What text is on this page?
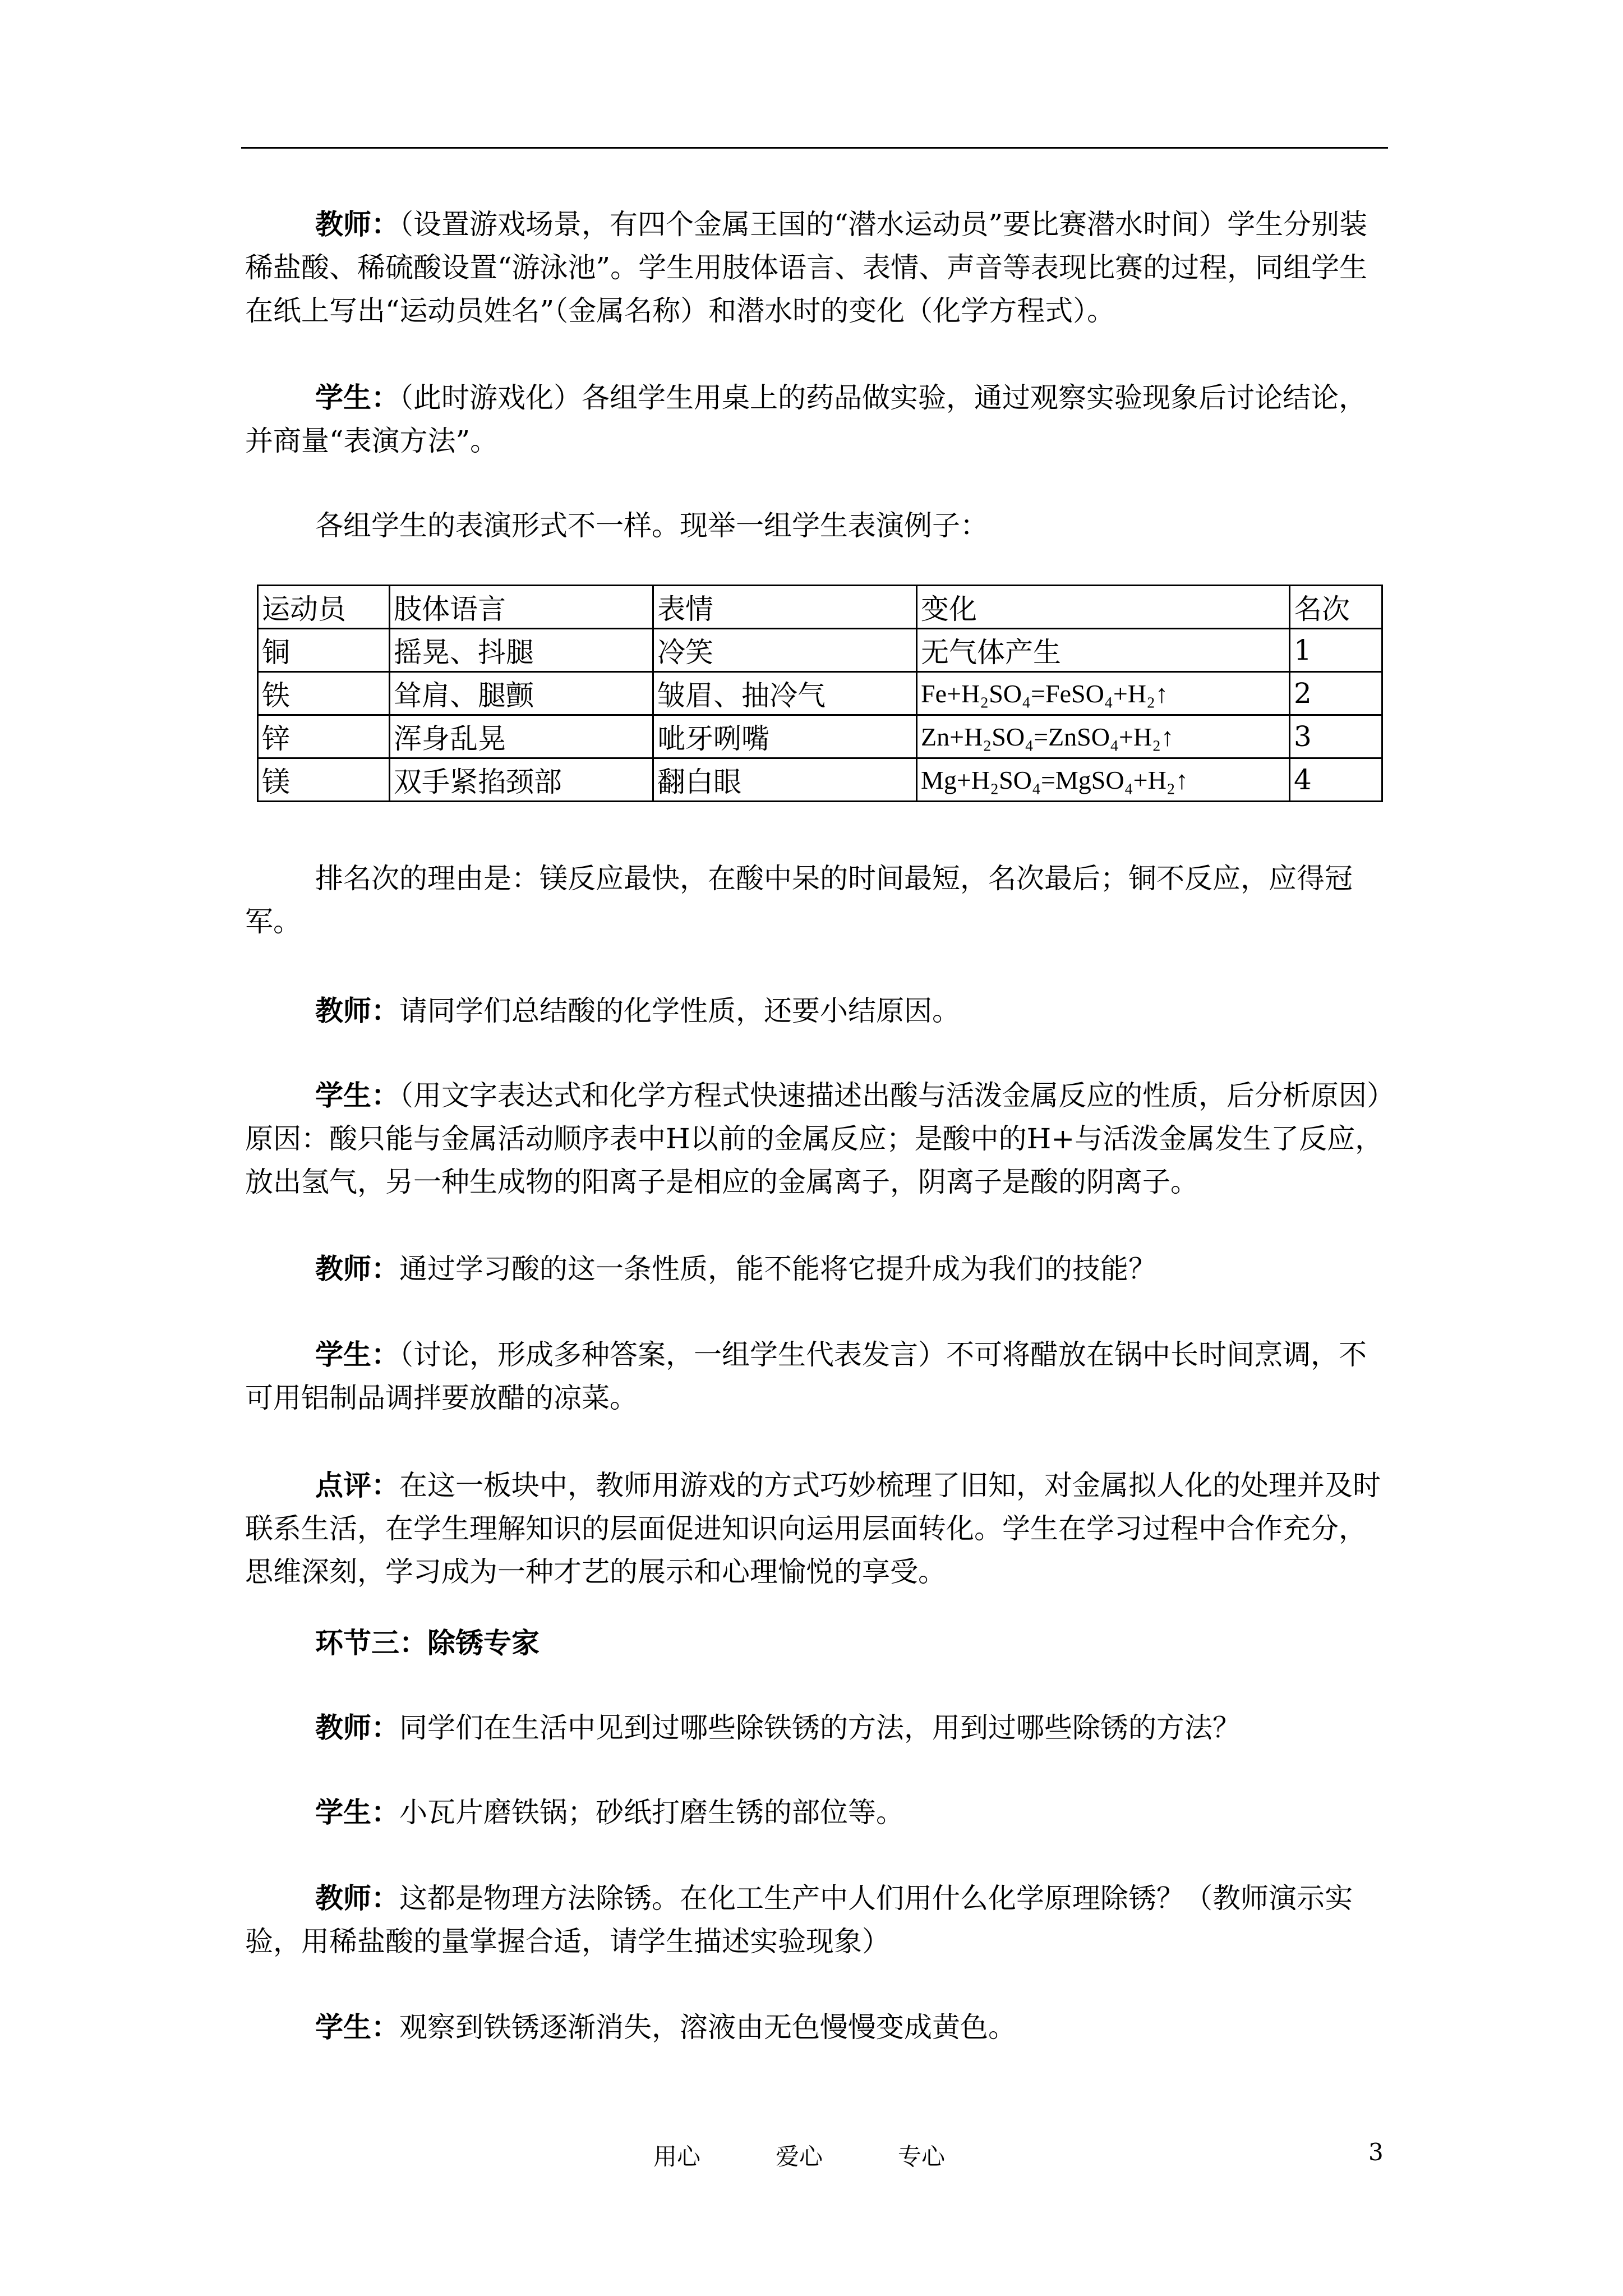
教师：（设置游戏场景，有四个金属王国的“潜水运动员”要比赛潜水时间）学生分别装稀盐酸、稀硫酸设置“游泳池”。学生用肢体语言、表情、声音等表现比赛的过程，同组学生在纸上写出“运动员姓名”（金属名称）和潜水时的变化（化学方程式）。

学生：（此时游戏化）各组学生用桌上的药品做实验，通过观察实验现象后讨论结论，并商量“表演方法”。

各组学生的表演形式不一样。现举一组学生表演例子：

运动员	肢体语言	表情	变化	名次
铜	摇晃、抖腿	冷笑	无气体产生	1
铁	耸肩、腿颤	皱眉、抽冷气	Fe+H₂SO₄=FeSO₄+H₂↑	2
锌	浑身乱晃	呲牙咧嘴	Zn+H₂SO₄=ZnSO₄+H₂↑	3
镁	双手紧掐颈部	翻白眼	Mg+H₂SO₄=MgSO₄+H₂↑	4

排名次的理由是：镁反应最快，在酸中呆的时间最短，名次最后；铜不反应，应得冠军。

教师：请同学们总结酸的化学性质，还要小结原因。

学生：（用文字表达式和化学方程式快速描述出酸与活泼金属反应的性质，后分析原因）原因：酸只能与金属活动顺序表中H以前的金属反应；是酸中的H+与活泼金属发生了反应，放出氢气，另一种生成物的阳离子是相应的金属离子，阴离子是酸的阴离子。

教师：通过学习酸的这一条性质，能不能将它提升成为我们的技能？

学生：（讨论，形成多种答案，一组学生代表发言）不可将醋放在锅中长时间烹调，不可用铝制品调拌要放醋的凉菜。

点评：在这一板块中，教师用游戏的方式巧妙梳理了旧知，对金属拟人化的处理并及时联系生活，在学生理解知识的层面促进知识向运用层面转化。学生在学习过程中合作充分，思维深刻，学习成为一种才艺的展示和心理愉悦的享受。

环节三：除锈专家

教师：同学们在生活中见到过哪些除铁锈的方法，用到过哪些除锈的方法？

学生：小瓦片磨铁锅；砂纸打磨生锈的部位等。

教师：这都是物理方法除锈。在化工生产中人们用什么化学原理除锈？（教师演示实验，用稀盐酸的量掌握合适，请学生描述实验现象）

学生：观察到铁锈逐渐消失，溶液由无色慢慢变成黄色。

用心	爱心	专心	3
